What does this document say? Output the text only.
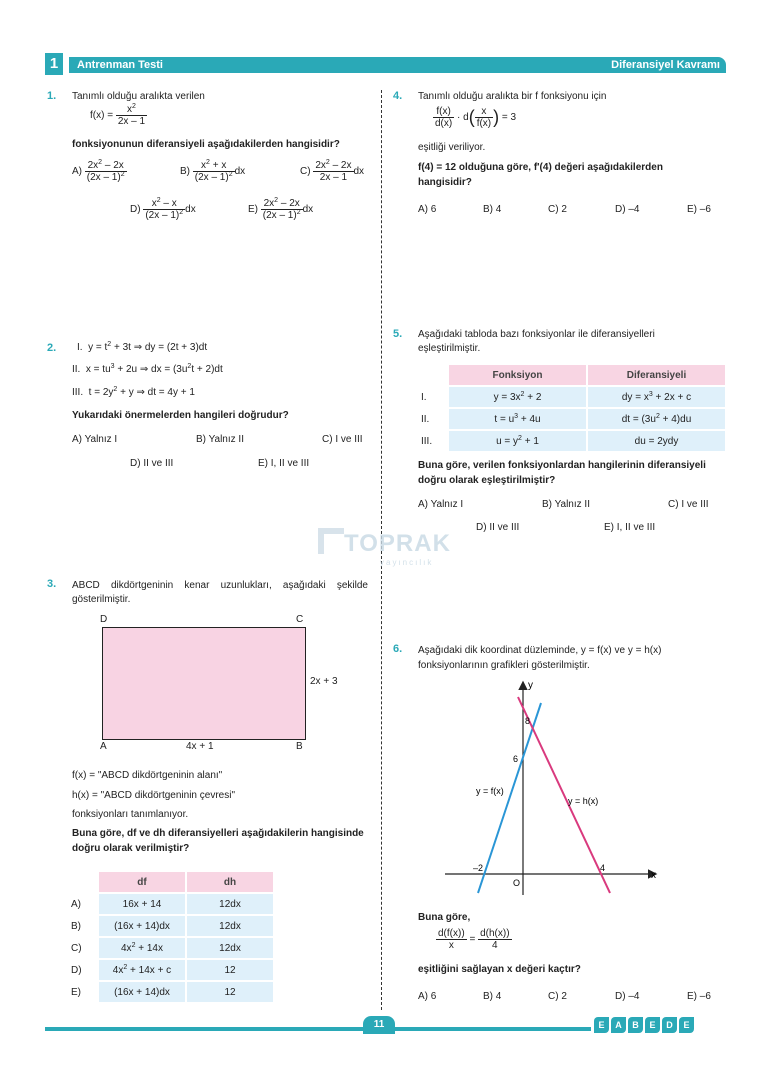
1	Antrenman Testi	Diferansiyel Kavramı
1. Tanımlı olduğu aralıkta verilen
$f(x) = \frac{x^2}{2x - 1}$
fonksiyonunun diferansiyeli aşağıdakilerden hangisidir?
$A) \frac{2x^2 - 2x}{(2x - 1)^2}$	$B) \frac{x^2 + x}{(2x - 1)^2}$ dx	$C) \frac{2x^2 - 2x}{2x - 1}$ dx
$D) \frac{x^2 - x}{(2x - 1)^2}$ dx	$E) \frac{2x^2 - 2x}{(2x - 1)^2}$ dx
2. I.  $y = t^2 + 3t$ ⇒ dy = (2t + 3)dt
II.  $x = tu^3 + 2u$ ⇒ dx = $(3u^2t + 2)dt$
III.  $t = 2y^2 + y$ ⇒ dt = 4y + 1
Yukarıdaki önermelerden hangileri doğrudur?
A) Yalnız I	B) Yalnız II	C) I ve III
D) II ve III	E) I, II ve III
TOPRAK
yayıncılık
3. ABCD dikdörtgeninin kenar uzunlukları, aşağıdaki şekilde gösterilmiştir.
D	C
A	B
2x + 3
4x + 1
f(x) = "ABCD dikdörtgeninin alanı"
h(x) = "ABCD dikdörtgeninin çevresi"
fonksiyonları tanımlanıyor.
Buna göre, df ve dh diferansiyelleri aşağıdakilerin hangisinde doğru olarak verilmiştir?
	df	dh
A)	16x + 14	12dx
B)	(16x + 14)dx	12dx
C)	$4x^2 + 14x$	12dx
D)	$4x^2 + 14x + c$	12
E)	(16x + 14)dx	12
4. Tanımlı olduğu aralıkta bir f fonksiyonu için
$\frac{f(x)}{d(x)} \cdot d( \frac{x}{f(x)}$ ) = 3
eşitliği veriliyor.
f(4) = 12 olduğuna göre, f'(4) değeri aşağıdakilerden hangisidir?
A) 6	B) 4	C) 2	D) –4	E) –6
5. Aşağıdaki tabloda bazı fonksiyonlar ile diferansiyelleri eşleştirilmiştir.
	Fonksiyon	Diferansiyeli
I.	$y = 3x^2 + 2$	dy = $x^3 + 2x + c$
II.	$t = u^3 + 4u$	dt = $(3u^2 + 4)du$
III.	$u = y^2 + 1$	du = 2ydy
Buna göre, verilen fonksiyonlardan hangilerinin diferansiyeli doğru olarak eşleştirilmiştir?
A) Yalnız I	B) Yalnız II	C) I ve III
D) II ve III	E) I, II ve III
6. Aşağıdaki dik koordinat düzleminde, y = f(x) ve y = h(x) fonksiyonlarının grafikleri gösterilmiştir.
y
x
O
8
6
–2	4
y = f(x)
y = h(x)
Buna göre,
$\frac{d(f(x))}{x} = \frac{d(h(x))}{4}$
eşitliğini sağlayan x değeri kaçtır?
A) 6	B) 4	C) 2	D) –4	E) –6
11	E A B E D E
